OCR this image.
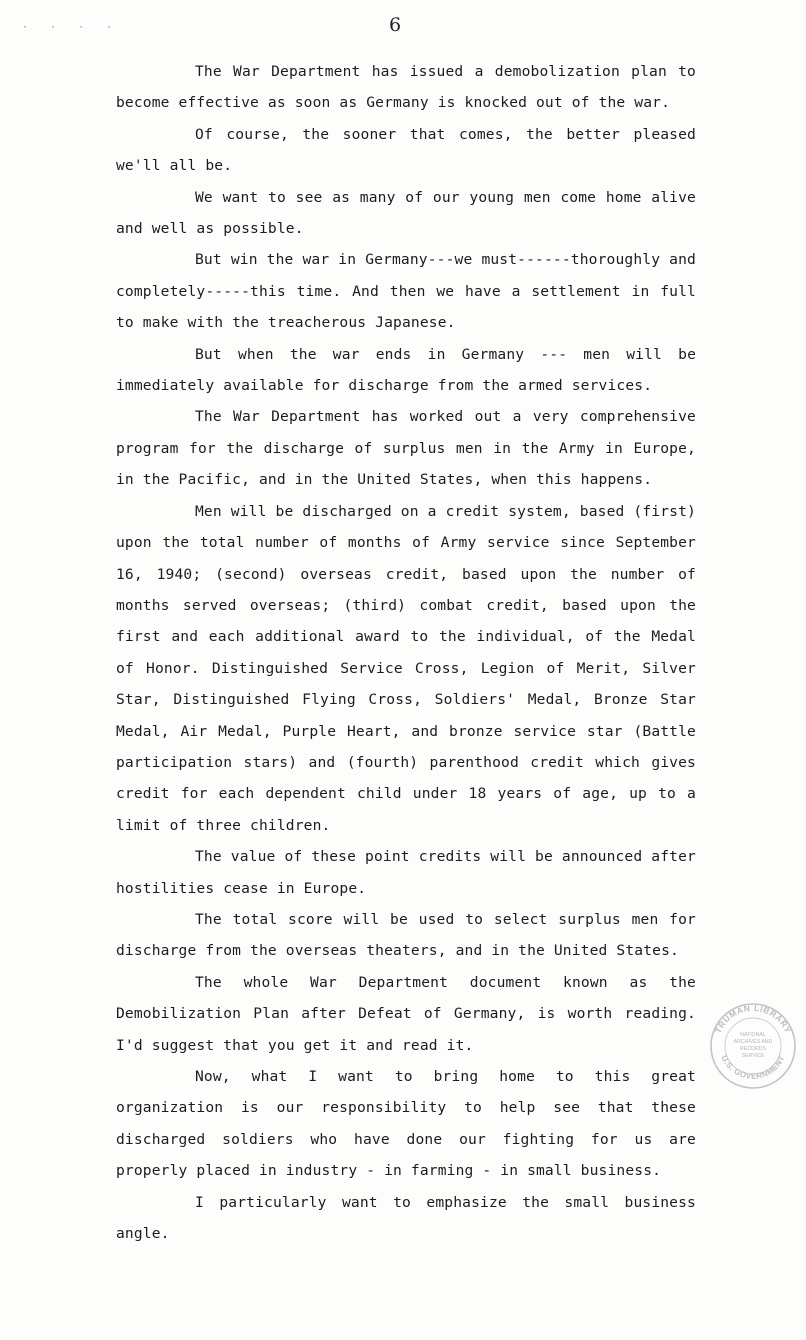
· · · ·	6

The War Department has issued a demobolization plan to become effective as soon as Germany is knocked out of the war.

Of course, the sooner that comes, the better pleased we'll all be.

We want to see as many of our young men come home alive and well as possible.

But win the war in Germany---we must------thoroughly and completely-----this time. And then we have a settlement in full to make with the treacherous Japanese.

But when the war ends in Germany --- men will be immediately available for discharge from the armed services.

The War Department has worked out a very comprehensive program for the discharge of surplus men in the Army in Europe, in the Pacific, and in the United States, when this happens.

Men will be discharged on a credit system, based (first) upon the total number of months of Army service since September 16, 1940; (second) overseas credit, based upon the number of months served overseas; (third) combat credit, based upon the first and each additional award to the individual, of the Medal of Honor. Distinguished Service Cross, Legion of Merit, Silver Star, Distinguished Flying Cross, Soldiers' Medal, Bronze Star Medal, Air Medal, Purple Heart, and bronze service star (Battle participation stars) and (fourth) parenthood credit which gives credit for each dependent child under 18 years of age, up to a limit of three children.

The value of these point credits will be announced after hostilities cease in Europe.

The total score will be used to select surplus men for discharge from the overseas theaters, and in the United States.

The whole War Department document known as the Demobilization Plan after Defeat of Germany, is worth reading. I'd suggest that you get it and read it.

Now, what I want to bring home to this great organization is our responsibility to help see that these discharged soldiers who have done our fighting for us are properly placed in industry - in farming - in small business.

I particularly want to emphasize the small business angle.

TRUMAN LIBRARY
U.S. GOVERNMENT
NATIONAL
ARCHIVES AND
RECORDS
SERVICE
